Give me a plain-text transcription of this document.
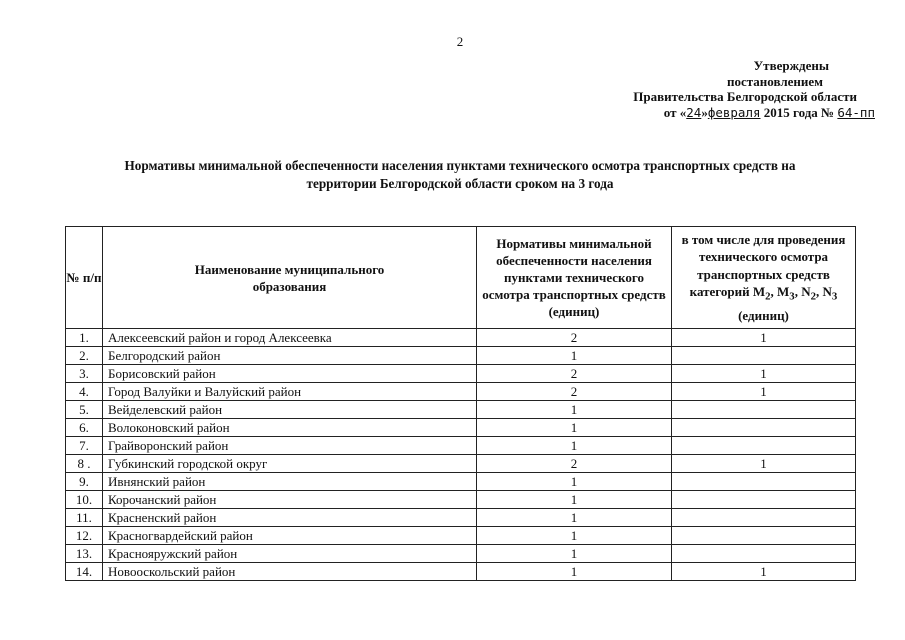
2
Утверждены
постановлением
Правительства Белгородской области
от «24»февраля 2015 года № 64-пп
Нормативы минимальной обеспеченности населения пунктами технического осмотра транспортных средств на
территории Белгородской области сроком на 3 года
№ п/п	Наименование муниципального образования	Нормативы минимальной обеспеченности населения пунктами технического осмотра транспортных средств (единиц)	в том числе для проведения технического осмотра транспортных средств категорий $M_2$, $M_3$, $N_2$, $N_3$ (единиц)

1.	Алексеевский район и город Алексеевка	2	1
2.	Белгородский район	1	
3.	Борисовский район	2	1
4.	Город Валуйки и Валуйский район	2	1
5.	Вейделевский район	1	
6.	Волоконовский район	1	
7.	Грайворонский район	1	
8 .	Губкинский городской округ	2	1
9.	Ивнянский район	1	
10.	Корочанский район	1	
11.	Красненский район	1	
12.	Красногвардейский район	1	
13.	Краснояружский район	1	
14.	Новооскольский район	1	1
